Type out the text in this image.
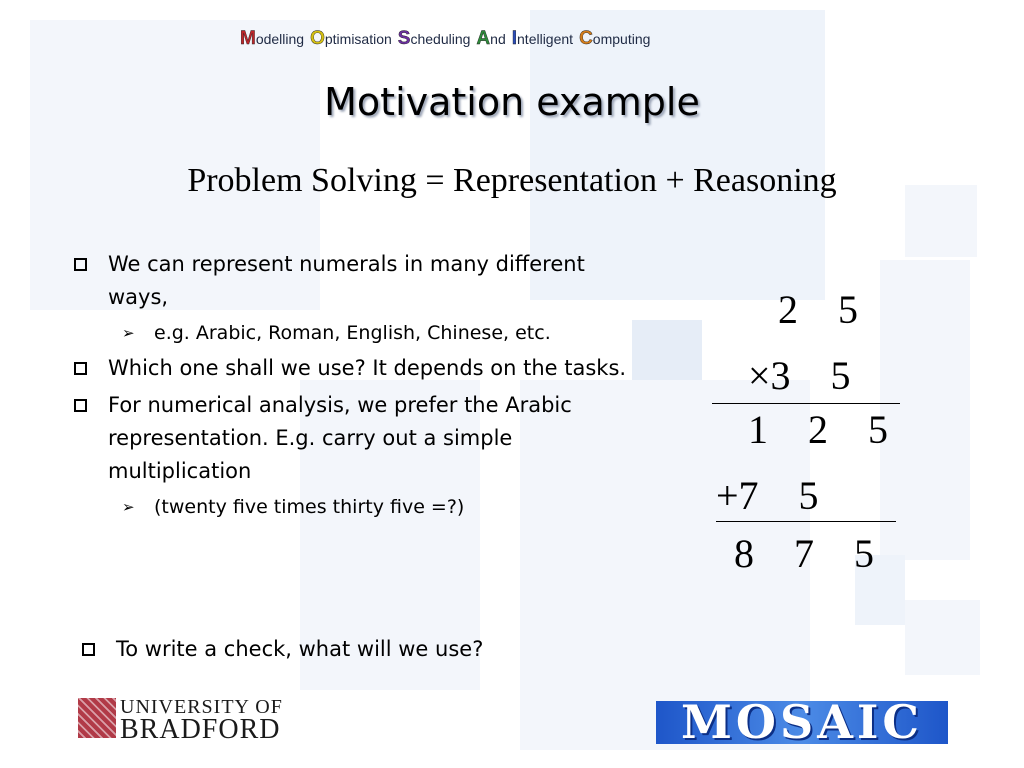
Modelling Optimisation Scheduling And Intelligent Computing
Motivation example
Problem Solving = Representation + Reasoning
We can represent numerals in many different ways,
➢ e.g. Arabic, Roman, English, Chinese, etc.
Which one shall we use? It depends on the tasks.
For numerical analysis, we prefer the Arabic representation. E.g. carry out a simple multiplication
➢ (twenty five times thirty five =?)
To write a check, what will we use?
2    5
×3    5
1    2    5
+7    5
8    7    5
UNIVERSITY OF
BRADFORD	MOSAIC
